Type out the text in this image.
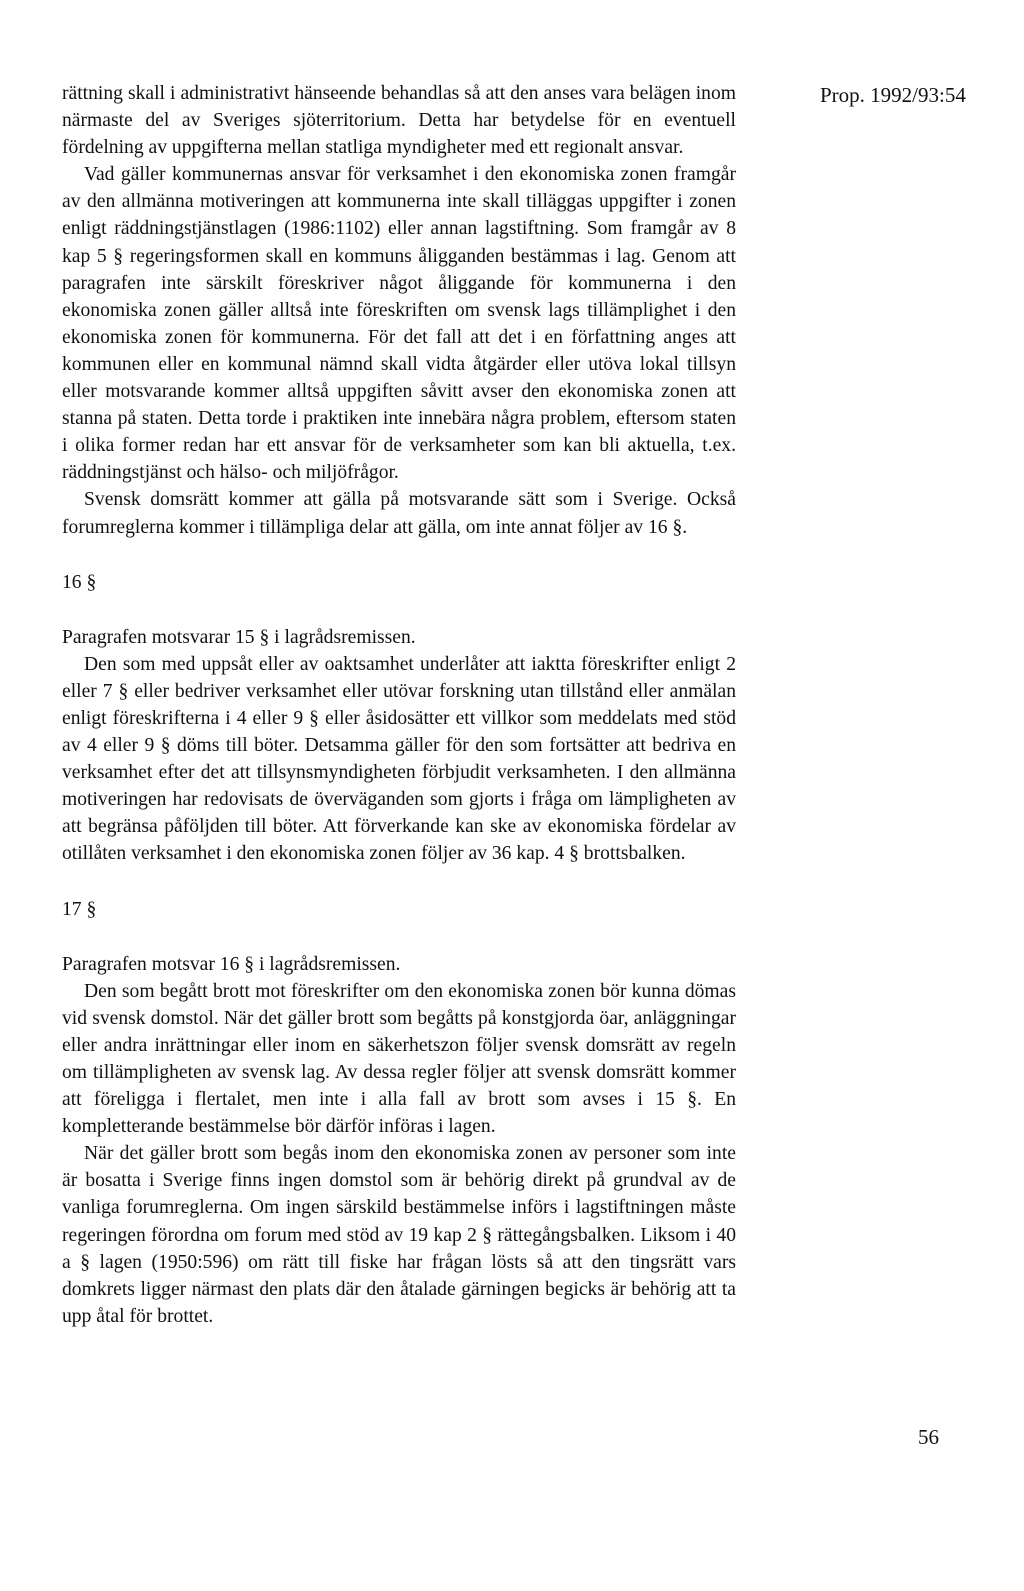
Prop. 1992/93:54

rättning skall i administrativt hänseende behandlas så att den anses vara belägen inom närmaste del av Sveriges sjöterritorium. Detta har betydelse för en eventuell fördelning av uppgifterna mellan statliga myndigheter med ett regionalt ansvar.

Vad gäller kommunernas ansvar för verksamhet i den ekonomiska zonen framgår av den allmänna motiveringen att kommunerna inte skall tilläggas uppgifter i zonen enligt räddningstjänstlagen (1986:1102) eller annan lagstiftning. Som framgår av 8 kap 5 § regeringsformen skall en kommuns åligganden bestämmas i lag. Genom att paragrafen inte särskilt föreskriver något åliggande för kommunerna i den ekonomiska zonen gäller alltså inte föreskriften om svensk lags tillämplighet i den ekonomiska zonen för kommunerna. För det fall att det i en författning anges att kommunen eller en kommunal nämnd skall vidta åtgärder eller utöva lokal tillsyn eller motsvarande kommer alltså uppgiften såvitt avser den ekonomiska zonen att stanna på staten. Detta torde i praktiken inte innebära några problem, eftersom staten i olika former redan har ett ansvar för de verksamheter som kan bli aktuella, t.ex. räddningstjänst och hälso- och miljöfrågor.

Svensk domsrätt kommer att gälla på motsvarande sätt som i Sverige. Också forumreglerna kommer i tillämpliga delar att gälla, om inte annat följer av 16 §.

16 §

Paragrafen motsvarar 15 § i lagrådsremissen.

Den som med uppsåt eller av oaktsamhet underlåter att iaktta föreskrifter enligt 2 eller 7 § eller bedriver verksamhet eller utövar forskning utan tillstånd eller anmälan enligt föreskrifterna i 4 eller 9 § eller åsidosätter ett villkor som meddelats med stöd av 4 eller 9 § döms till böter. Detsamma gäller för den som fortsätter att bedriva en verksamhet efter det att tillsynsmyndigheten förbjudit verksamheten. I den allmänna motiveringen har redovisats de överväganden som gjorts i fråga om lämpligheten av att begränsa påföljden till böter. Att förverkande kan ske av ekonomiska fördelar av otillåten verksamhet i den ekonomiska zonen följer av 36 kap. 4 § brottsbalken.

17 §

Paragrafen motsvar 16 § i lagrådsremissen.

Den som begått brott mot föreskrifter om den ekonomiska zonen bör kunna dömas vid svensk domstol. När det gäller brott som begåtts på konstgjorda öar, anläggningar eller andra inrättningar eller inom en säkerhetszon följer svensk domsrätt av regeln om tillämpligheten av svensk lag. Av dessa regler följer att svensk domsrätt kommer att föreligga i flertalet, men inte i alla fall av brott som avses i 15 §. En kompletterande bestämmelse bör därför införas i lagen.

När det gäller brott som begås inom den ekonomiska zonen av personer som inte är bosatta i Sverige finns ingen domstol som är behörig direkt på grundval av de vanliga forumreglerna. Om ingen särskild bestämmelse införs i lagstiftningen måste regeringen förordna om forum med stöd av 19 kap 2 § rättegångsbalken. Liksom i 40 a § lagen (1950:596) om rätt till fiske har frågan lösts så att den tingsrätt vars domkrets ligger närmast den plats där den åtalade gärningen begicks är behörig att ta upp åtal för brottet.

56
